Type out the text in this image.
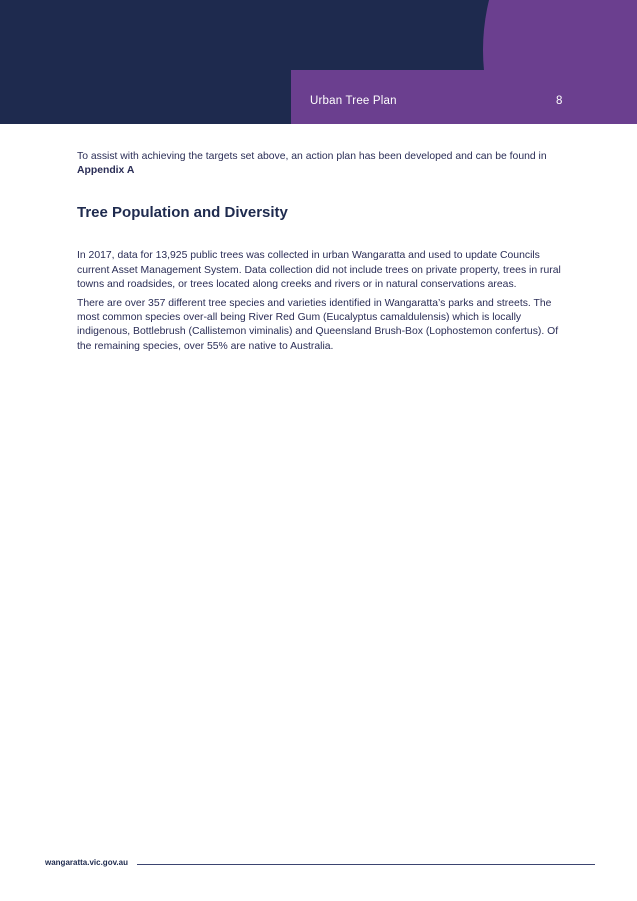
Urban Tree Plan	8

To assist with achieving the targets set above, an action plan has been developed and can be found in
Appendix A

Tree Population and Diversity

In 2017, data for 13,925 public trees was collected in urban Wangaratta and used to update Councils current Asset Management System. Data collection did not include trees on private property, trees in rural towns and roadsides, or trees located along creeks and rivers or in natural conservations areas.

There are over 357 different tree species and varieties identified in Wangaratta’s parks and streets. The most common species over-all being River Red Gum (Eucalyptus camaldulensis) which is locally indigenous, Bottlebrush (Callistemon viminalis) and Queensland Brush-Box (Lophostemon confertus). Of the remaining species, over 55% are native to Australia.

wangaratta.vic.gov.au
